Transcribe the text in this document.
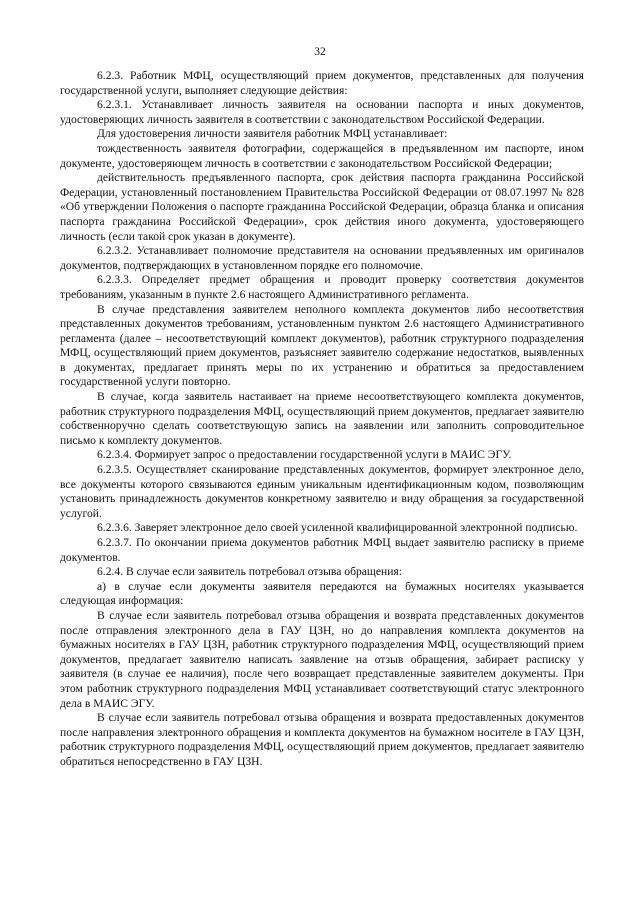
32

6.2.3. Работник МФЦ, осуществляющий прием документов, представленных для получения государственной услуги, выполняет следующие действия:

6.2.3.1. Устанавливает личность заявителя на основании паспорта и иных документов, удостоверяющих личность заявителя в соответствии с законодательством Российской Федерации.

Для удостоверения личности заявителя работник МФЦ устанавливает:

тождественность заявителя фотографии, содержащейся в предъявленном им паспорте, ином документе, удостоверяющем личность в соответствии с законодательством Российской Федерации;

действительность предъявленного паспорта, срок действия паспорта гражданина Российской Федерации, установленный постановлением Правительства Российской Федерации от 08.07.1997 № 828 «Об утверждении Положения о паспорте гражданина Российской Федерации, образца бланка и описания паспорта гражданина Российской Федерации», срок действия иного документа, удостоверяющего личность (если такой срок указан в документе).

6.2.3.2. Устанавливает полномочие представителя на основании предъявленных им оригиналов документов, подтверждающих в установленном порядке его полномочие.

6.2.3.3. Определяет предмет обращения и проводит проверку соответствия документов требованиям, указанным в пункте 2.6 настоящего Административного регламента.

В случае представления заявителем неполного комплекта документов либо несоответствия представленных документов требованиям, установленным пунктом 2.6 настоящего Административного регламента (далее – несоответствующий комплект документов), работник структурного подразделения МФЦ, осуществляющий прием документов, разъясняет заявителю содержание недостатков, выявленных в документах, предлагает принять меры по их устранению и обратиться за предоставлением государственной услуги повторно.

В случае, когда заявитель настаивает на приеме несоответствующего комплекта документов, работник структурного подразделения МФЦ, осуществляющий прием документов, предлагает заявителю собственноручно сделать соответствующую запись на заявлении или заполнить сопроводительное письмо к комплекту документов.

6.2.3.4. Формирует запрос о предоставлении государственной услуги в МАИС ЭГУ.

6.2.3.5. Осуществляет сканирование представленных документов, формирует электронное дело, все документы которого связываются единым уникальным идентификационным кодом, позволяющим установить принадлежность документов конкретному заявителю и виду обращения за государственной услугой.

6.2.3.6. Заверяет электронное дело своей усиленной квалифицированной электронной подписью.

6.2.3.7. По окончании приема документов работник МФЦ выдает заявителю расписку в приеме документов.

6.2.4. В случае если заявитель потребовал отзыва обращения:

а) в случае если документы заявителя передаются на бумажных носителях указывается следующая информация:

В случае если заявитель потребовал отзыва обращения и возврата представленных документов после отправления электронного дела в ГАУ ЦЗН, но до направления комплекта документов на бумажных носителях в ГАУ ЦЗН, работник структурного подразделения МФЦ, осуществляющий прием документов, предлагает заявителю написать заявление на отзыв обращения, забирает расписку у заявителя (в случае ее наличия), после чего возвращает представленные заявителем документы. При этом работник структурного подразделения МФЦ устанавливает соответствующий статус электронного дела в МАИС ЭГУ.

В случае если заявитель потребовал отзыва обращения и возврата предоставленных документов после направления электронного обращения и комплекта документов на бумажном носителе в ГАУ ЦЗН, работник структурного подразделения МФЦ, осуществляющий прием документов, предлагает заявителю обратиться непосредственно в ГАУ ЦЗН.
